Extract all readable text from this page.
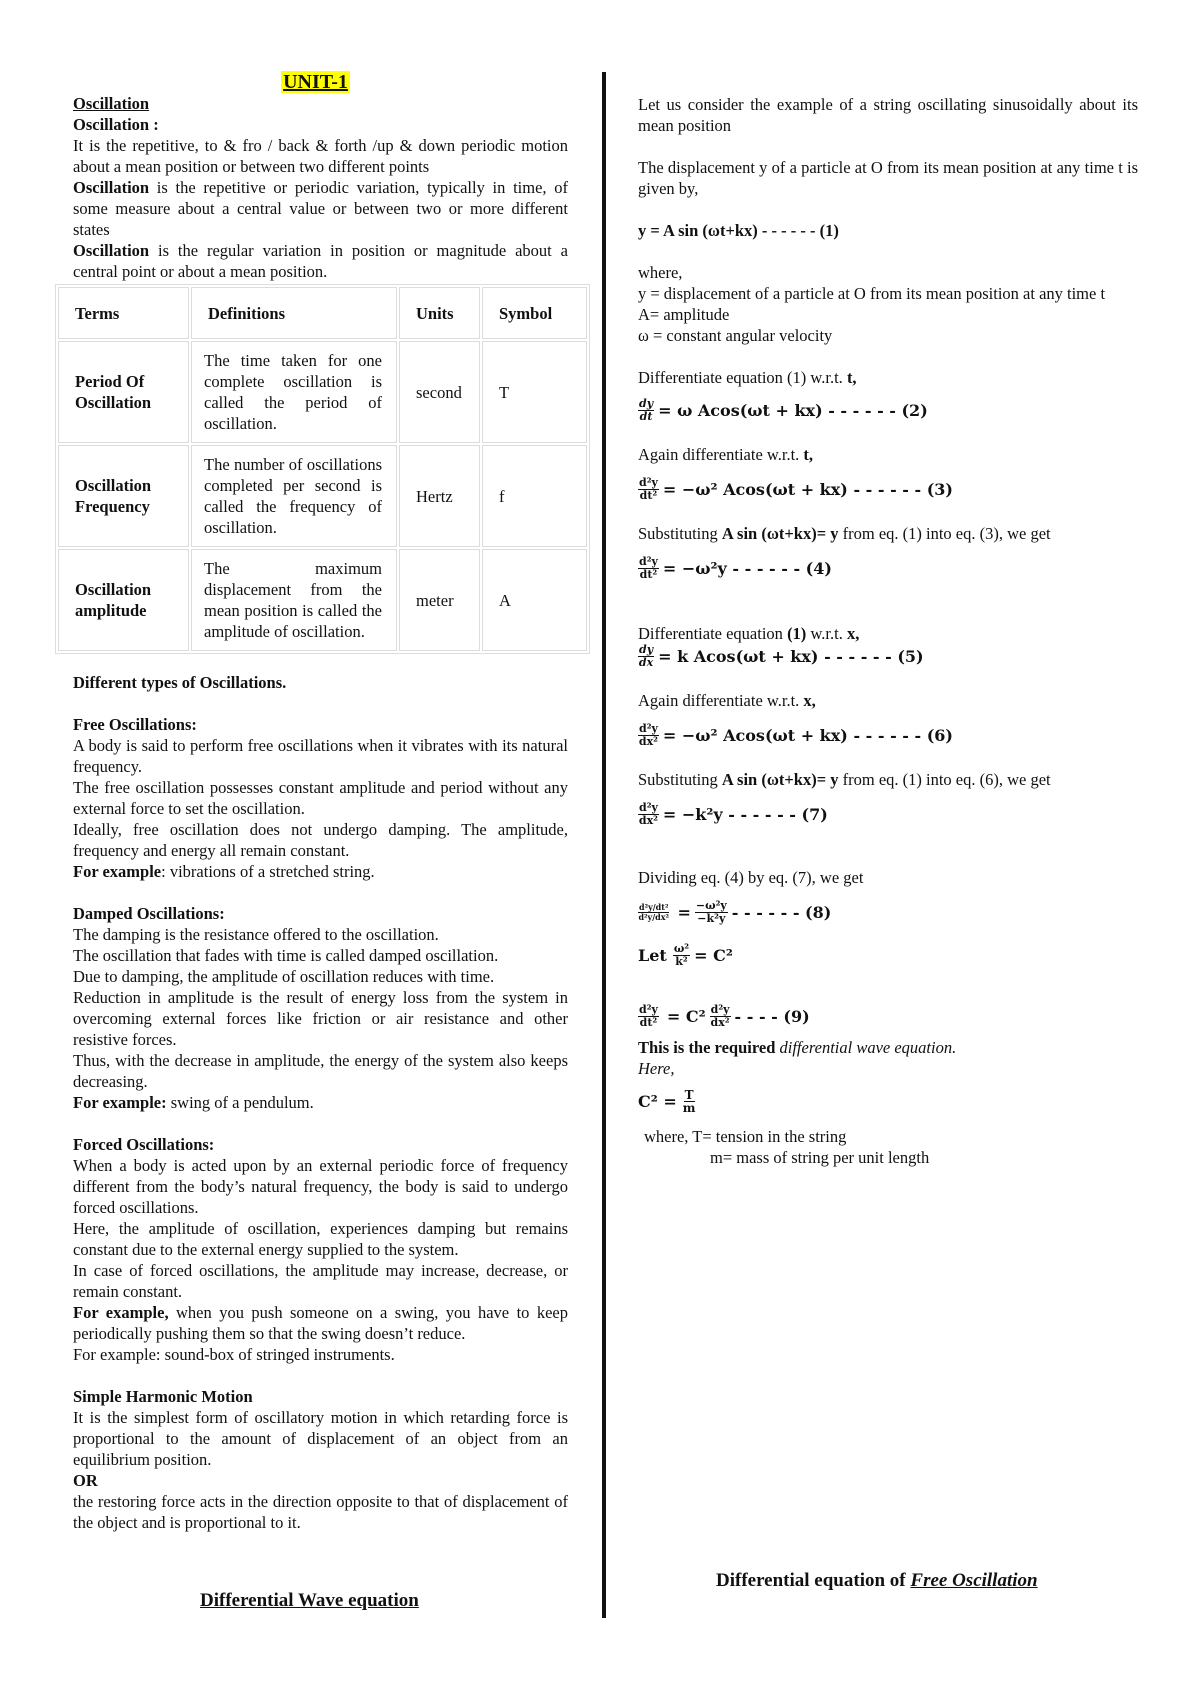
UNIT-1
Oscillation
Oscillation :

It is the repetitive, to & fro / back & forth /up & down periodic motion about a mean position or between two different points

Oscillation is the repetitive or periodic variation, typically in time, of some measure about a central value or between two or more different states

Oscillation is the regular variation in position or magnitude about a central point or about a mean position.

Terms	Definitions	Units	Symbol
Period Of Oscillation	The time taken for one complete oscillation is called the period of oscillation.	second	T
Oscillation Frequency	The number of oscillations completed per second is called the frequency of oscillation.	Hertz	f
Oscillation amplitude	The maximum displacement from the mean position is called the amplitude of oscillation.	meter	A
Different types of Oscillations.
Free Oscillations:

A body is said to perform free oscillations when it vibrates with its natural frequency.

The free oscillation possesses constant amplitude and period without any external force to set the oscillation.

Ideally, free oscillation does not undergo damping. The amplitude, frequency and energy all remain constant.

For example: vibrations of a stretched string.

Damped Oscillations:

The damping is the resistance offered to the oscillation.

The oscillation that fades with time is called damped oscillation.

Due to damping, the amplitude of oscillation reduces with time.

Reduction in amplitude is the result of energy loss from the system in overcoming external forces like friction or air resistance and other resistive forces.

Thus, with the decrease in amplitude, the energy of the system also keeps decreasing.

For example: swing of a pendulum.

Forced Oscillations:

When a body is acted upon by an external periodic force of frequency different from the body’s natural frequency, the body is said to undergo forced oscillations.

Here, the amplitude of oscillation, experiences damping but remains constant due to the external energy supplied to the system.

In case of forced oscillations, the amplitude may increase, decrease, or remain constant.

For example, when you push someone on a swing, you have to keep periodically pushing them so that the swing doesn’t reduce.

For example: sound-box of stringed instruments.

Simple Harmonic Motion

It is the simplest form of oscillatory motion in which retarding force is proportional to the amount of displacement of an object from an equilibrium position.

OR

the restoring force acts in the direction opposite to that of displacement of the object and is proportional to it.

Differential Wave equation

Let us consider the example of a string oscillating sinusoidally about its mean position

The displacement y of a particle at O from its mean position at any time t is given by,

y = A sin (ωt+kx) - - - - - - (1)
where,

y = displacement of a particle at O from its mean position at any time t

A= amplitude
ω = constant angular velocity
Differentiate equation (1) w.r.t. t,
$\frac{dy}{dt} = \omega$ Acos(ωt + kx) - - - - - - (2)
Again differentiate w.r.t. t,
$\frac{\text{d²y}}{\text{dt²}} = -\omega^2$ Acos(ωt + kx) - - - - - - (3)
Substituting A sin (ωt+kx)= y from eq. (1) into eq. (3), we get
$\frac{\text{d²y}}{\text{dt²}} = -\omega^2y$ - - - - - - (4)
Differentiate equation (1) w.r.t. x,
$\frac{dy}{dx} = k$ Acos(ωt + kx) - - - - - - (5)
Again differentiate w.r.t. x,
$\frac{\text{d²y}}{\text{dx²}} = -\omega^2$ Acos(ωt + kx) - - - - - - (6)
Substituting A sin (ωt+kx)= y from eq. (1) into eq. (6), we get
$\frac{\text{d²y}}{\text{dx²}} = -k^2y$ - - - - - - (7)
Dividing eq. (4) by eq. (7), we get
$\frac{\text{d²y/dt²}}{\text{d²y/dx²}} = \frac{\text{−ω²y}}{\text{−k²y}}$ - - - - - - (8)
Let $\frac{\text{ω²}}{\text{k²}} = C^2$
$\frac{\text{d²y}}{\text{dt²}} = C^2 \frac{\text{d²y}}{\text{dx²}}$ - - - - (9)
This is the required differential wave equation.
Here,
$C^2 = \frac{T}{m}$
where, T= tension in the string
m= mass of string per unit length
Differential equation of Free Oscillation
